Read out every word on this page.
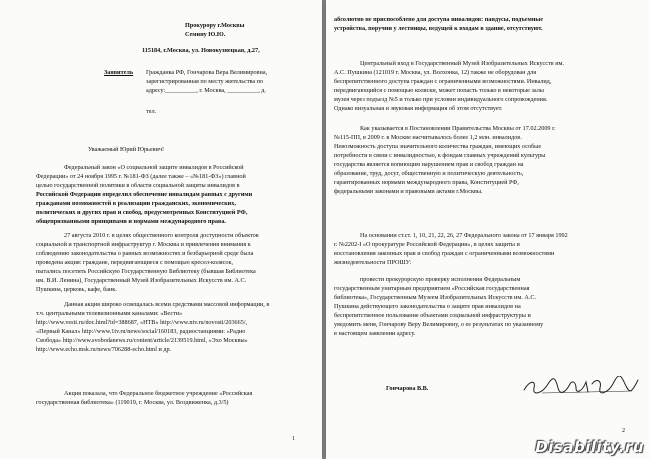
Прокурору г.Москвы

Семину Ю.Ю.

115184, г.Москва, ул. Новокузнецкая, д.27,

Заявитель Гражданка РФ, Гончарова Вера Велимировна,

зарегистрированная по месту жительства по

адресу:__________, г. Москва, __________, д.

тел.

Уважаемый Юрий Юрьевич!

Федеральный закон «О социальной защите инвалидов в Российской

Федерации» от 24 ноября 1995 г. №181-ФЗ (далее также – «№181-ФЗ») главной

целью государственной политики в области социальной защиты инвалидов в

Российской Федерации определил обеспечение инвалидам равных с другими

гражданами возможностей в реализации гражданских, экономических,

политических и других прав и свобод, предусмотренных Конституцией РФ,

общепризнанными принципами и нормами международного права.

27 августа 2010 г. в целях общественного контроля доступности объектов

социальной и транспортной инфраструктур г. Москвы и привлечения внимания к

соблюдению законодательства о равных возможностях и безбарьерной среде была

проведена акция: граждане, передвигающиеся с помощью кресел-колясок,

пытались посетить Российскую Государственную Библиотеку (бывшая Библиотека

им. В.И. Ленина), Государственный Музей Изобразительных Искусств им. А.С.

Пушкина, церковь, кафе, банк.

Данная акция широко освещалась всеми средствами массовой информации, в

т.ч. центральными телевизионными каналами: «Вести»

http://www.vesti.ru/doc.html?id=388687, «НТВ» http://www.ntv.ru/novosti/203665/,

«Первый Канал» http://www.1tv.ru/news/social/160183, радиостанциями: «Радио

Свобода» http://www.svobodanews.ru/content/article/2139519.html, «Эхо Москвы»

http://www.echo.msk.ru/news/706288-echo.html и др.

Акция показала, что Федеральное бюджетное учреждение «Российская

государственная библиотека» (119019, г. Москва, ул. Воздвиженка, д.3/5)

1

абсолютно не приспособлено для доступа инвалидов: пандусы, подъемные

устройства, поручни у лестницы, ведущей к входам в здание, отсутствуют.

Центральный вход в Государственный Музей Изобразительных Искусств им.

А.С. Пушкина (121019 г. Москва, ул. Волхонка, 12) также не оборудован для

беспрепятственного доступа граждан с ограниченными возможностями. Инвалид,

передвигающийся с помощью коляски, может попасть только в некоторые залы

музея через подъезд №5 и только при условии индивидуального сопровождения.

Однако визуальная и звуковая информация об этом отсутствует.

Как указывается в Постановлении Правительства Москвы от 17.02.2009 г.

№115-ПП, в 2009 г. в Москве насчитывалось более 1,2 млн. инвалидов.

Невозможность доступа значительного количества граждан, имеющих особые

потребности в связи с инвалидностью, к фондам главных учреждений культуры

государства является вопиющим нарушением прав и свобод граждан на

образование, труд, досуг, общественную и политическую деятельность,

гарантированных нормами международного права, Конституцией РФ,

федеральными законами и правовыми актами г.Москвы.

На основании ст.ст. 1, 10, 21, 22, 26, 27 Федерального закона от 17 января 1992

г. №2202-I «О прокуратуре Российской Федерации», в целях защиты и

восстановления законных прав и свобод граждан с ограниченными возможностями

жизнедеятельности ПРОШУ:

провести прокурорскую проверку исполнения Федеральным

государственным унитарным предприятием «Российская государственная

библиотека», Государственным Музеем Изобразительных Искусств им. А.С.

Пушкина действующего законодательства о защите прав инвалидов на

беспрепятственное пользование объектами социальной инфраструктуры и

уведомить меня, Гончарову Веру Велимировну, о ее результатах по указанному

в настоящем заявлении адресу.

Гончарова В.В.

2
Disability.ru
